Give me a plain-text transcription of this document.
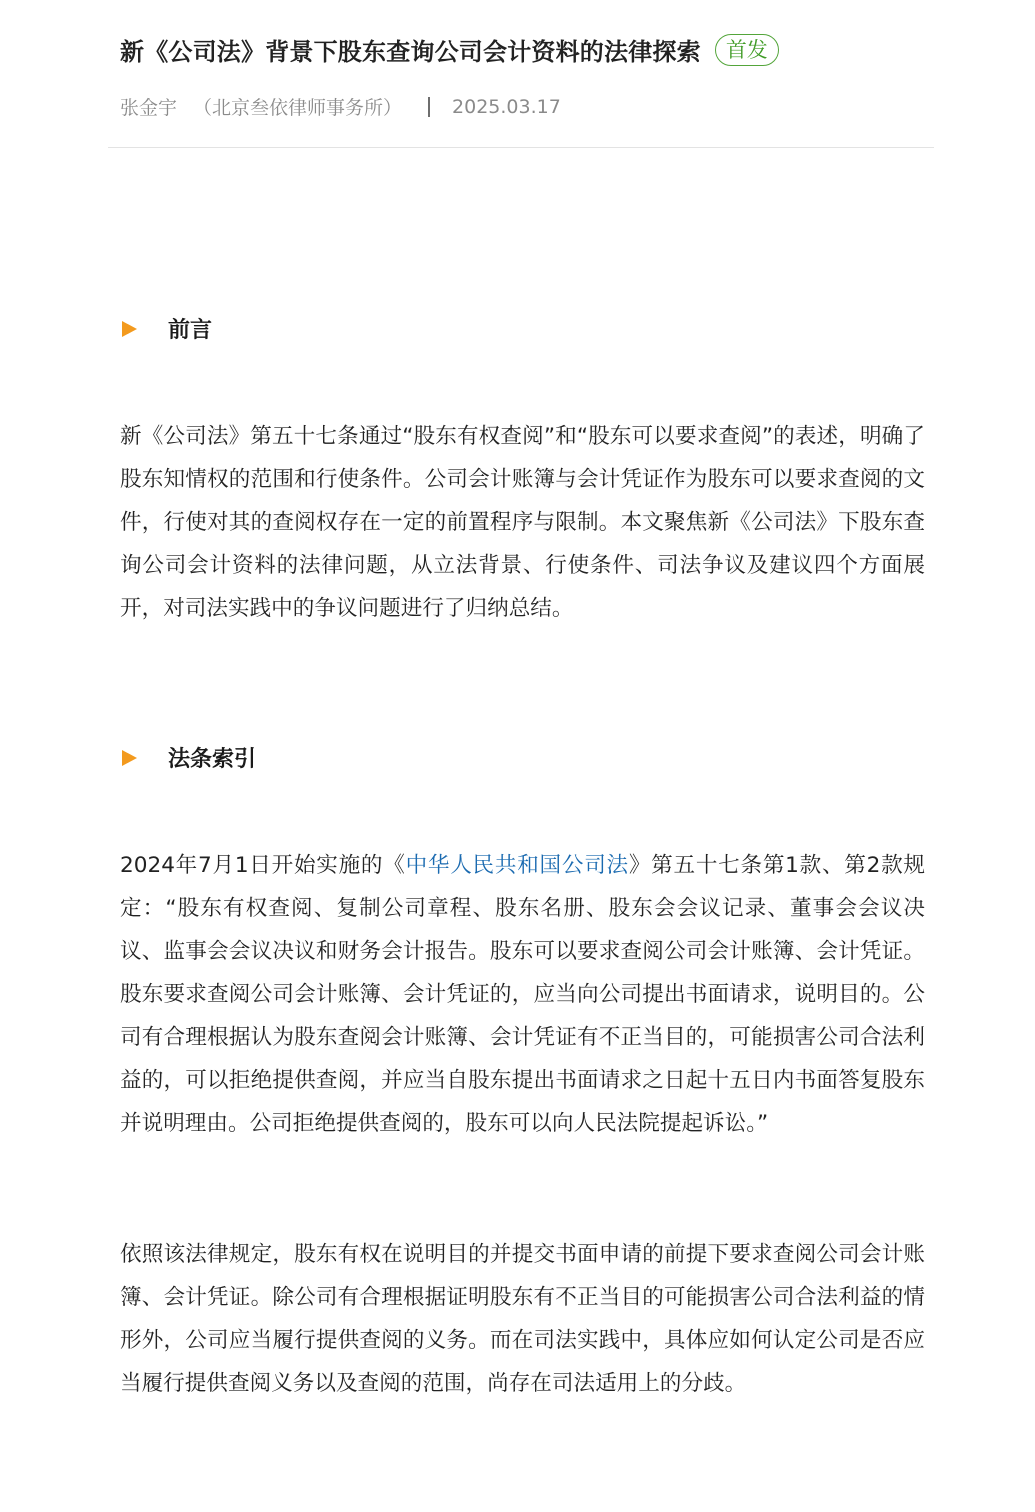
新《公司法》背景下股东查询公司会计资料的法律探索	首发
张金宇 （北京叁依律师事务所）	2025.03.17
前言

新《公司法》第五十七条通过“股东有权查阅”和“股东可以要求查阅”的表述，明确了股东知情权的范围和行使条件。公司会计账簿与会计凭证作为股东可以要求查阅的文件，行使对其的查阅权存在一定的前置程序与限制。本文聚焦新《公司法》下股东查询公司会计资料的法律问题，从立法背景、行使条件、司法争议及建议四个方面展开，对司法实践中的争议问题进行了归纳总结。

法条索引

2024年7月1日开始实施的《中华人民共和国公司法》第五十七条第1款、第2款规定：“股东有权查阅、复制公司章程、股东名册、股东会会议记录、董事会会议决议、监事会会议决议和财务会计报告。股东可以要求查阅公司会计账簿、会计凭证。股东要求查阅公司会计账簿、会计凭证的，应当向公司提出书面请求，说明目的。公司有合理根据认为股东查阅会计账簿、会计凭证有不正当目的，可能损害公司合法利益的，可以拒绝提供查阅，并应当自股东提出书面请求之日起十五日内书面答复股东并说明理由。公司拒绝提供查阅的，股东可以向人民法院提起诉讼。”

依照该法律规定，股东有权在说明目的并提交书面申请的前提下要求查阅公司会计账簿、会计凭证。除公司有合理根据证明股东有不正当目的可能损害公司合法利益的情形外，公司应当履行提供查阅的义务。而在司法实践中，具体应如何认定公司是否应当履行提供查阅义务以及查阅的范围，尚存在司法适用上的分歧。
